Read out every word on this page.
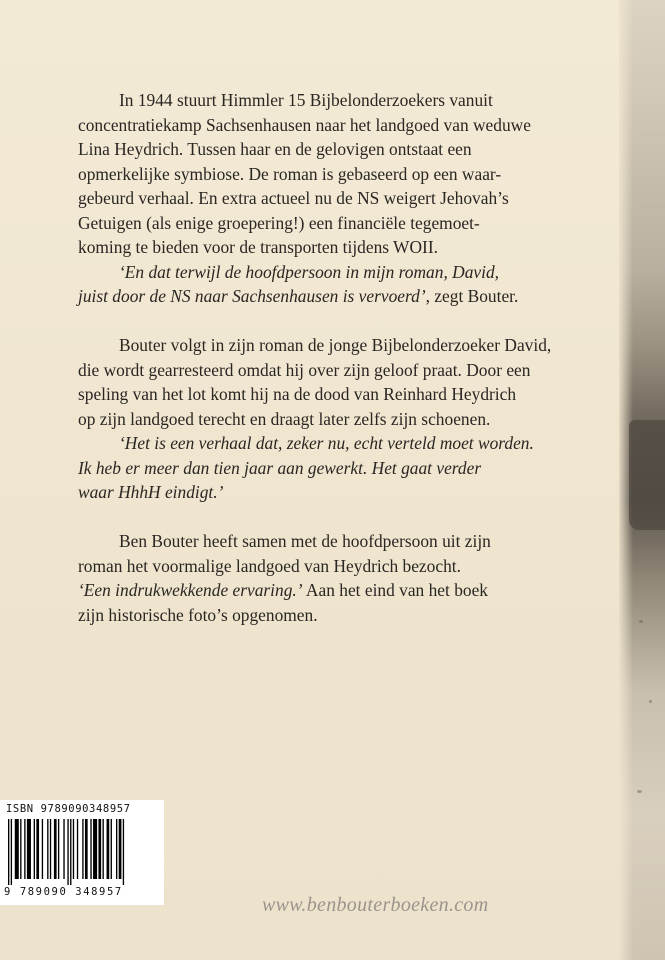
In 1944 stuurt Himmler 15 Bijbelonderzoekers vanuit
concentratiekamp Sachsenhausen naar het landgoed van weduwe
Lina Heydrich. Tussen haar en de gelovigen ontstaat een
opmerkelijke symbiose. De roman is gebaseerd op een waar-
gebeurd verhaal. En extra actueel nu de NS weigert Jehovah’s
Getuigen (als enige groepering!) een financiële tegemoet-
koming te bieden voor de transporten tijdens WOII.
‘En dat terwijl de hoofdpersoon in mijn roman, David,
juist door de NS naar Sachsenhausen is vervoerd’, zegt Bouter.

Bouter volgt in zijn roman de jonge Bijbelonderzoeker David,
die wordt gearresteerd omdat hij over zijn geloof praat. Door een
speling van het lot komt hij na de dood van Reinhard Heydrich
op zijn landgoed terecht en draagt later zelfs zijn schoenen.
‘Het is een verhaal dat, zeker nu, echt verteld moet worden.
Ik heb er meer dan tien jaar aan gewerkt. Het gaat verder
waar HhhH eindigt.’

Ben Bouter heeft samen met de hoofdpersoon uit zijn
roman het voormalige landgoed van Heydrich bezocht.
‘Een indrukwekkende ervaring.’ Aan het eind van het boek
zijn historische foto’s opgenomen.

ISBN 9789090348957
9 789090 348957
www.benbouterboeken.com
